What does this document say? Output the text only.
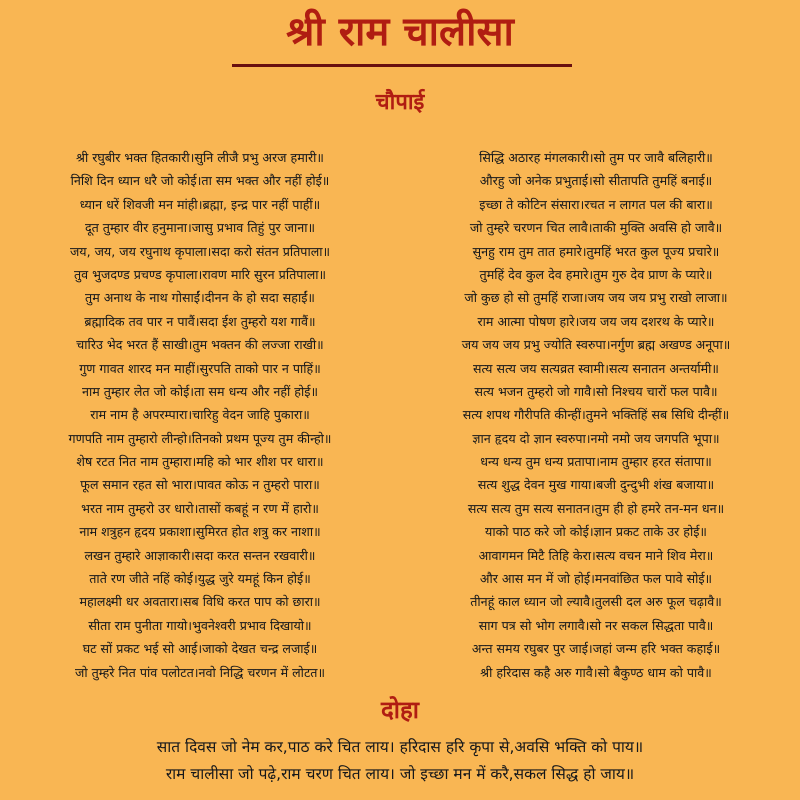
श्री राम चालीसा
चौपाई
श्री रघुबीर भक्त हितकारी।सुनि लीजै प्रभु अरज हमारी॥
निशि दिन ध्यान धरै जो कोई।ता सम भक्त और नहीं होई॥
ध्यान धरें शिवजी मन मांही।ब्रह्मा, इन्द्र पार नहीं पाहीं॥
दूत तुम्हार वीर हनुमाना।जासु प्रभाव तिहुं पुर जाना॥
जय, जय, जय रघुनाथ कृपाला।सदा करो संतन प्रतिपाला॥
तुव भुजदण्ड प्रचण्ड कृपाला।रावण मारि सुरन प्रतिपाला॥
तुम अनाथ के नाथ गोसाईं।दीनन के हो सदा सहाईं॥
ब्रह्मादिक तव पार न पावैं।सदा ईश तुम्हरो यश गावैं॥
चारिउ भेद भरत हैं साखी।तुम भक्तन की लज्जा राखी॥
गुण गावत शारद मन माहीं।सुरपति ताको पार न पाहिं॥
नाम तुम्हार लेत जो कोई।ता सम धन्य और नहीं होई॥
राम नाम है अपरम्पारा।चारिहु वेदन जाहि पुकारा॥
गणपति नाम तुम्हारो लीन्हो।तिनको प्रथम पूज्य तुम कीन्हो॥
शेष रटत नित नाम तुम्हारा।महि को भार शीश पर धारा॥
फूल समान रहत सो भारा।पावत कोऊ न तुम्हरो पारा॥
भरत नाम तुम्हरो उर धारो।तासों कबहूं न रण में हारो॥
नाम शत्रुहन हृदय प्रकाशा।सुमिरत होत शत्रु कर नाशा॥
लखन तुम्हारे आज्ञाकारी।सदा करत सन्तन रखवारी॥
ताते रण जीते नहिं कोई।युद्ध जुरे यमहूं किन होई॥
महालक्ष्मी धर अवतारा।सब विधि करत पाप को छारा॥
सीता राम पुनीता गायो।भुवनेश्वरी प्रभाव दिखायो॥
घट सों प्रकट भई सो आई।जाको देखत चन्द्र लजाई॥
जो तुम्हरे नित पांव पलोटत।नवो निद्धि चरणन में लोटत॥
सिद्धि अठारह मंगलकारी।सो तुम पर जावै बलिहारी॥
औरहु जो अनेक प्रभुताई।सो सीतापति तुमहिं बनाई॥
इच्छा ते कोटिन संसारा।रचत न लागत पल की बारा॥
जो तुम्हरे चरणन चित लावै।ताकी मुक्ति अवसि हो जावै॥
सुनहु राम तुम तात हमारे।तुमहिं भरत कुल पूज्य प्रचारे॥
तुमहिं देव कुल देव हमारे।तुम गुरु देव प्राण के प्यारे॥
जो कुछ हो सो तुमहिं राजा।जय जय जय प्रभु राखो लाजा॥
राम आत्मा पोषण हारे।जय जय जय दशरथ के प्यारे॥
जय जय जय प्रभु ज्योति स्वरुपा।नर्गुण ब्रह्म अखण्ड अनूपा॥
सत्य सत्य जय सत्यव्रत स्वामी।सत्य सनातन अन्तर्यामी॥
सत्य भजन तुम्हरो जो गावै।सो निश्चय चारों फल पावै॥
सत्य शपथ गौरीपति कीन्हीं।तुमने भक्तिहिं सब सिधि दीन्हीं॥
ज्ञान हृदय दो ज्ञान स्वरुपा।नमो नमो जय जगपति भूपा॥
धन्य धन्य तुम धन्य प्रतापा।नाम तुम्हार हरत संतापा॥
सत्य शुद्ध देवन मुख गाया।बजी दुन्दुभी शंख बजाया॥
सत्य सत्य तुम सत्य सनातन।तुम ही हो हमरे तन-मन धन॥
याको पाठ करे जो कोई।ज्ञान प्रकट ताके उर होई॥
आवागमन मिटै तिहि केरा।सत्य वचन माने शिव मेरा॥
और आस मन में जो होई।मनवांछित फल पावे सोई॥
तीनहूं काल ध्यान जो ल्यावै।तुलसी दल अरु फूल चढ़ावै॥
साग पत्र सो भोग लगावै।सो नर सकल सिद्धता पावै॥
अन्त समय रघुबर पुर जाई।जहां जन्म हरि भक्त कहाई॥
श्री हरिदास कहै अरु गावै।सो बैकुण्ठ धाम को पावै॥
दोहा
सात दिवस जो नेम कर,पाठ करे चित लाय। हरिदास हरि कृपा से,अवसि भक्ति को पाय॥
राम चालीसा जो पढ़े,राम चरण चित लाय। जो इच्छा मन में करै,सकल सिद्ध हो जाय॥
